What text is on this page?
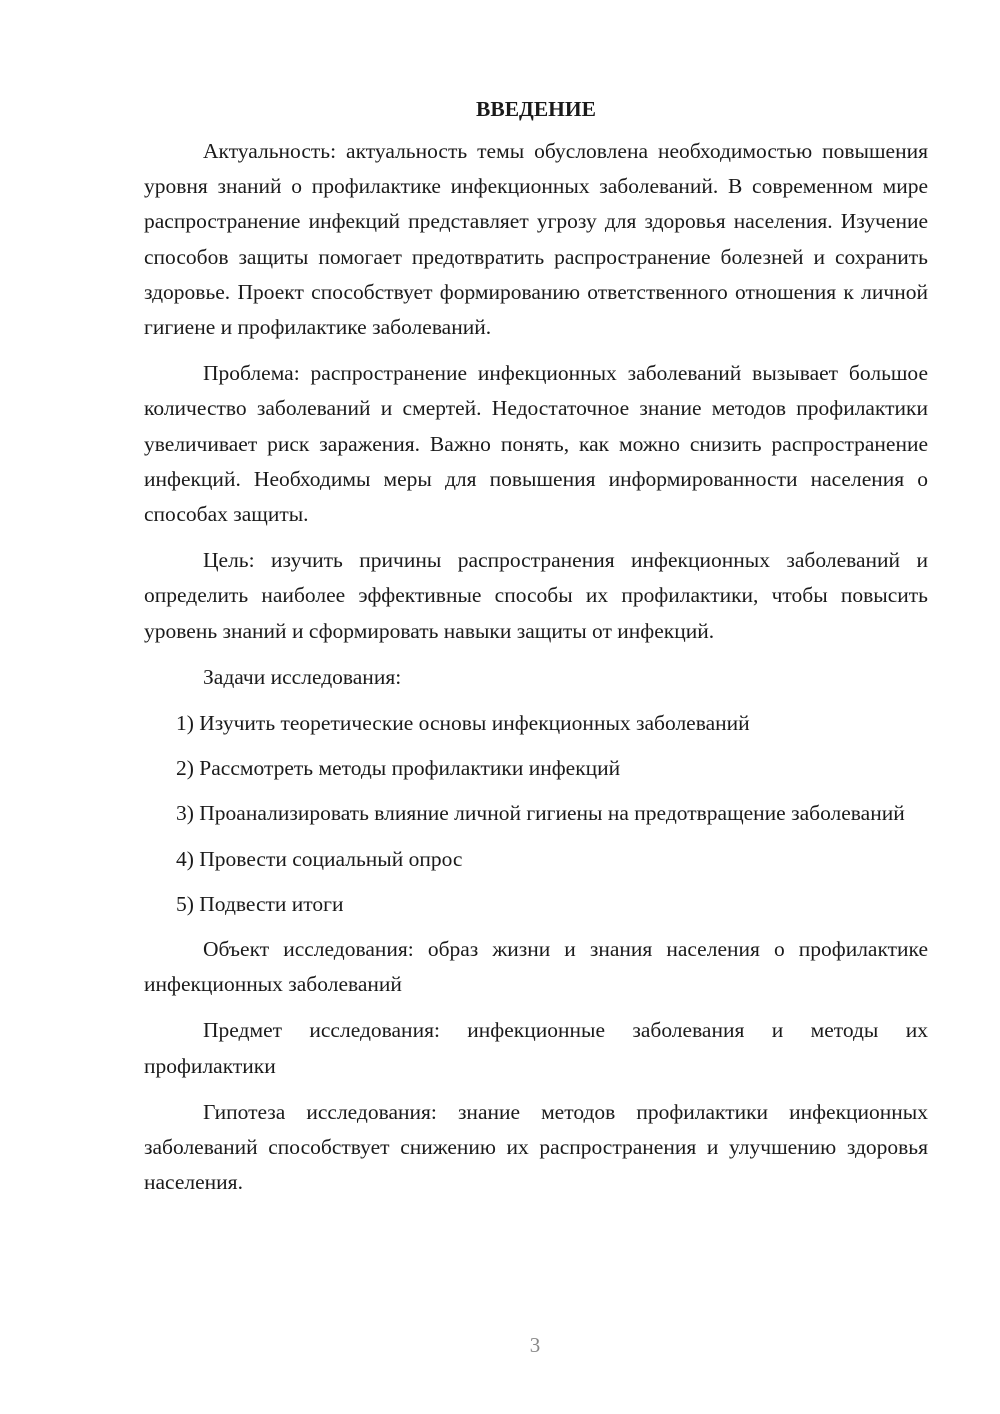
ВВЕДЕНИЕ
Актуальность: актуальность темы обусловлена необходимостью повышения уровня знаний о профилактике инфекционных заболеваний. В современном мире распространение инфекций представляет угрозу для здоровья населения. Изучение способов защиты помогает предотвратить распространение болезней и сохранить здоровье. Проект способствует формированию ответственного отношения к личной гигиене и профилактике заболеваний.
Проблема: распространение инфекционных заболеваний вызывает большое количество заболеваний и смертей. Недостаточное знание методов профилактики увеличивает риск заражения. Важно понять, как можно снизить распространение инфекций. Необходимы меры для повышения информированности населения о способах защиты.
Цель: изучить причины распространения инфекционных заболеваний и определить наиболее эффективные способы их профилактики, чтобы повысить уровень знаний и сформировать навыки защиты от инфекций.
Задачи исследования:
1) Изучить теоретические основы инфекционных заболеваний
2) Рассмотреть методы профилактики инфекций
3) Проанализировать влияние личной гигиены на предотвращение заболеваний
4) Провести социальный опрос
5) Подвести итоги
Объект исследования: образ жизни и знания населения о профилактике инфекционных заболеваний
Предмет исследования: инфекционные заболевания и методы их профилактики
Гипотеза исследования: знание методов профилактики инфекционных заболеваний способствует снижению их распространения и улучшению здоровья населения.
3
